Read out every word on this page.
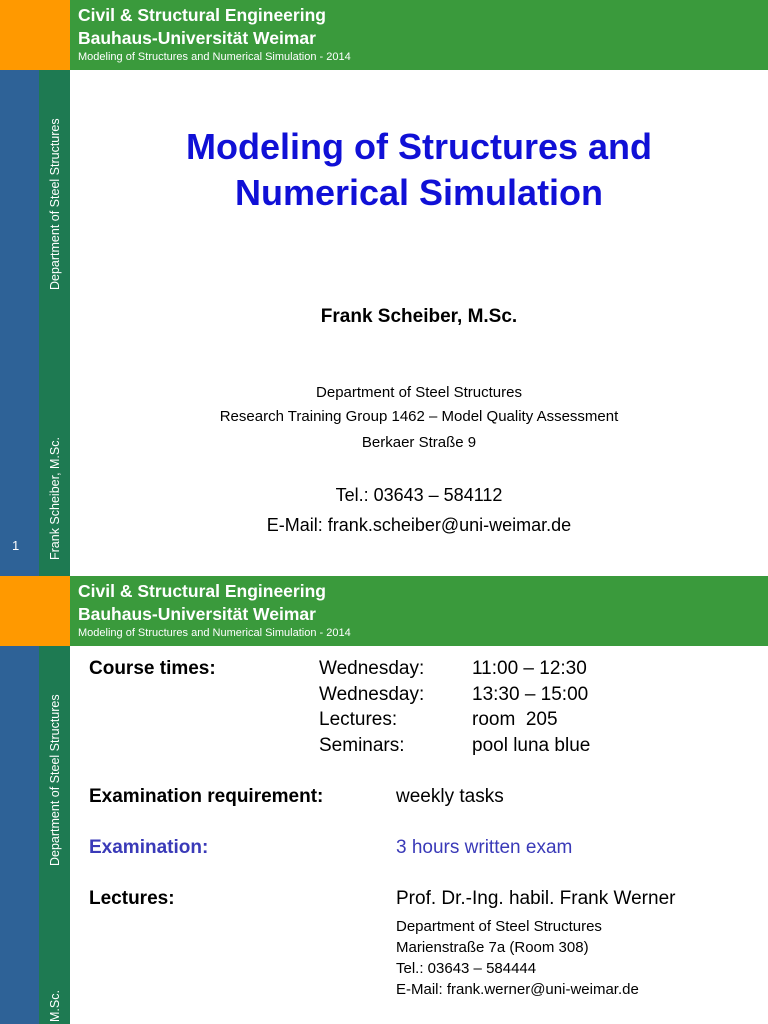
Civil & Structural Engineering
Bauhaus-Universität Weimar
Modeling of Structures and Numerical Simulation - 2014
Department of Steel Structures
Frank Scheiber, M.Sc.
1
Modeling of Structures and
Numerical Simulation
Frank Scheiber, M.Sc.
Department of Steel Structures
Research Training Group 1462 – Model Quality Assessment
Berkaer Straße 9
Tel.: 03643 – 584112
E-Mail: frank.scheiber@uni-weimar.de
Civil & Structural Engineering
Bauhaus-Universität Weimar
Modeling of Structures and Numerical Simulation - 2014
Department of Steel Structures
M.Sc.
Course times:	Wednesday:	11:00 – 12:30
Wednesday:	13:30 – 15:00
Lectures:	room  205
Seminars:	pool luna blue
Examination requirement:	weekly tasks
Examination:	3 hours written exam
Lectures:	Prof. Dr.-Ing. habil. Frank Werner
Department of Steel Structures
Marienstraße 7a (Room 308)
Tel.: 03643 – 584444
E-Mail: frank.werner@uni-weimar.de
